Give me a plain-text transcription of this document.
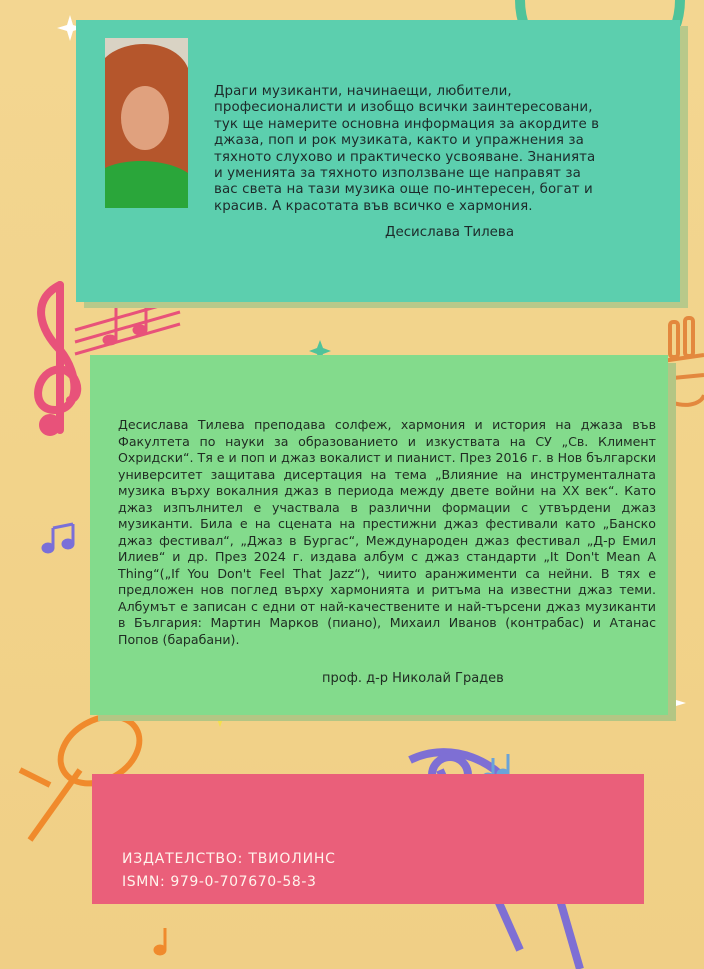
Драги музиканти, начинаещи, любители, професионалисти и изобщо всички заинтересовани, тук ще намерите основна информация за акордите в джаза, поп и рок музиката, както и упражнения за тяхното слухово и практическо усвояване. Знанията и уменията за тяхното използване ще направят за вас света на тази музика още по-интересен, богат и красив. А красотата във всичко е хармония.

Десислава Тилева

Десислава Тилева преподава солфеж, хармония и история на джаза във Факултета по науки за образованието и изкуствата на СУ „Св. Климент Охридски“. Тя е и поп и джаз вокалист и пианист. През 2016 г. в Нов български университет защитава дисертация на тема „Влияние на инструменталната музика върху вокалния джаз в периода между двете войни на XX век“. Като джаз изпълнител е участвала в различни формации с утвърдени джаз музиканти. Била е на сцената на престижни джаз фестивали като „Банско джаз фестивал“, „Джаз в Бургас“, Международен джаз фестивал „Д-р Емил Илиев“ и др. През 2024 г. издава албум с джаз стандарти „It Don't Mean A Thing“(„If You Don't Feel That Jazz“), чиито аранжименти са нейни. В тях е предложен нов поглед върху хармонията и ритъма на известни джаз теми. Албумът е записан с едни от най-качествените и най-търсени джаз музиканти в България: Мартин Марков (пиано), Михаил Иванов (контрабас) и Атанас Попов (барабани).

проф. д-р Николай Градев

ИЗДАТЕЛСТВО: ТВИОЛИНС

ISMN: 979-0-707670-58-3
